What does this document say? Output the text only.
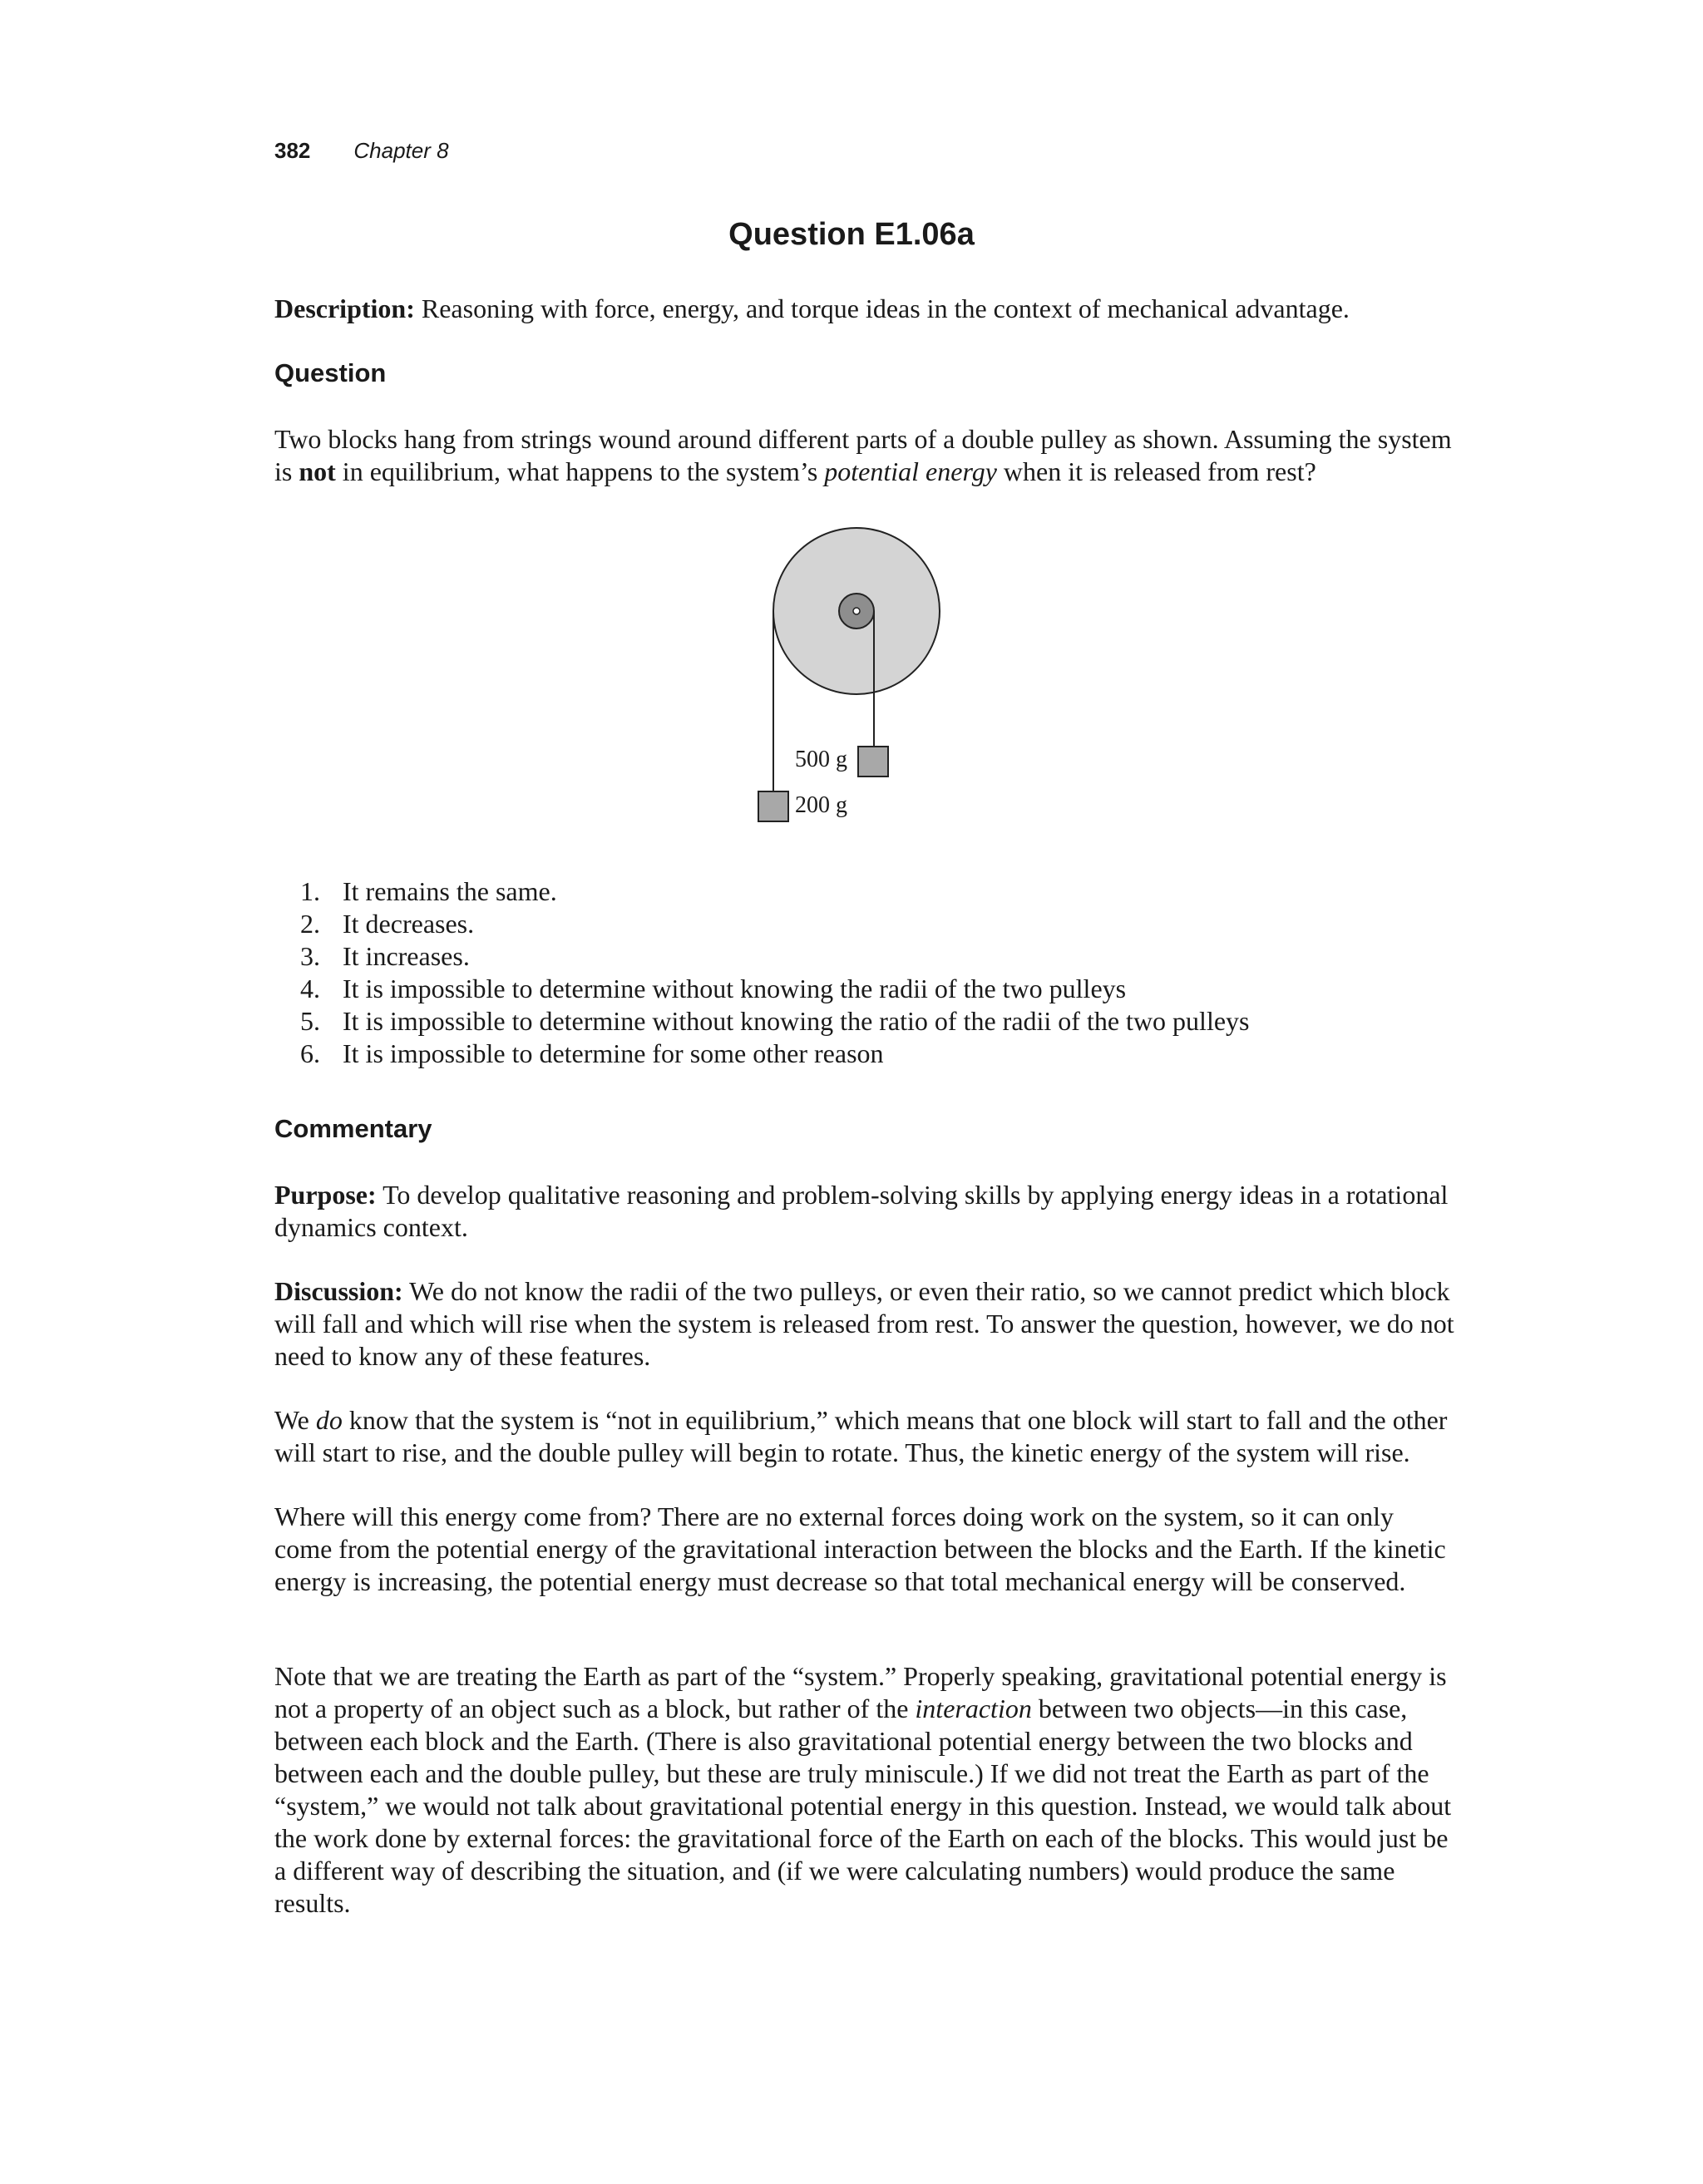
382 Chapter 8
Question E1.06a

Description: Reasoning with force, energy, and torque ideas in the context of mechanical advantage.

Question

Two blocks hang from strings wound around different parts of a double pulley as shown. Assuming the system is not in equilibrium, what happens to the system’s potential energy when it is released from rest?

500 g
200 g
1. It remains the same.
2. It decreases.
3. It increases.
4. It is impossible to determine without knowing the radii of the two pulleys
5. It is impossible to determine without knowing the ratio of the radii of the two pulleys
6. It is impossible to determine for some other reason
Commentary

Purpose: To develop qualitative reasoning and problem-solving skills by applying energy ideas in a rotational dynamics context.

Discussion: We do not know the radii of the two pulleys, or even their ratio, so we cannot predict which block will fall and which will rise when the system is released from rest. To answer the question, however, we do not need to know any of these features.

We do know that the system is “not in equilibrium,” which means that one block will start to fall and the other will start to rise, and the double pulley will begin to rotate. Thus, the kinetic energy of the system will rise.

Where will this energy come from? There are no external forces doing work on the system, so it can only come from the potential energy of the gravitational interaction between the blocks and the Earth. If the kinetic energy is increasing, the potential energy must decrease so that total mechanical energy will be conserved.

Note that we are treating the Earth as part of the “system.” Properly speaking, gravitational potential energy is not a property of an object such as a block, but rather of the interaction between two objects—in this case, between each block and the Earth. (There is also gravitational potential energy between the two blocks and between each and the double pulley, but these are truly miniscule.) If we did not treat the Earth as part of the “system,” we would not talk about gravitational potential energy in this question. Instead, we would talk about the work done by external forces: the gravitational force of the Earth on each of the blocks. This would just be a different way of describing the situation, and (if we were calculating numbers) would produce the same results.
